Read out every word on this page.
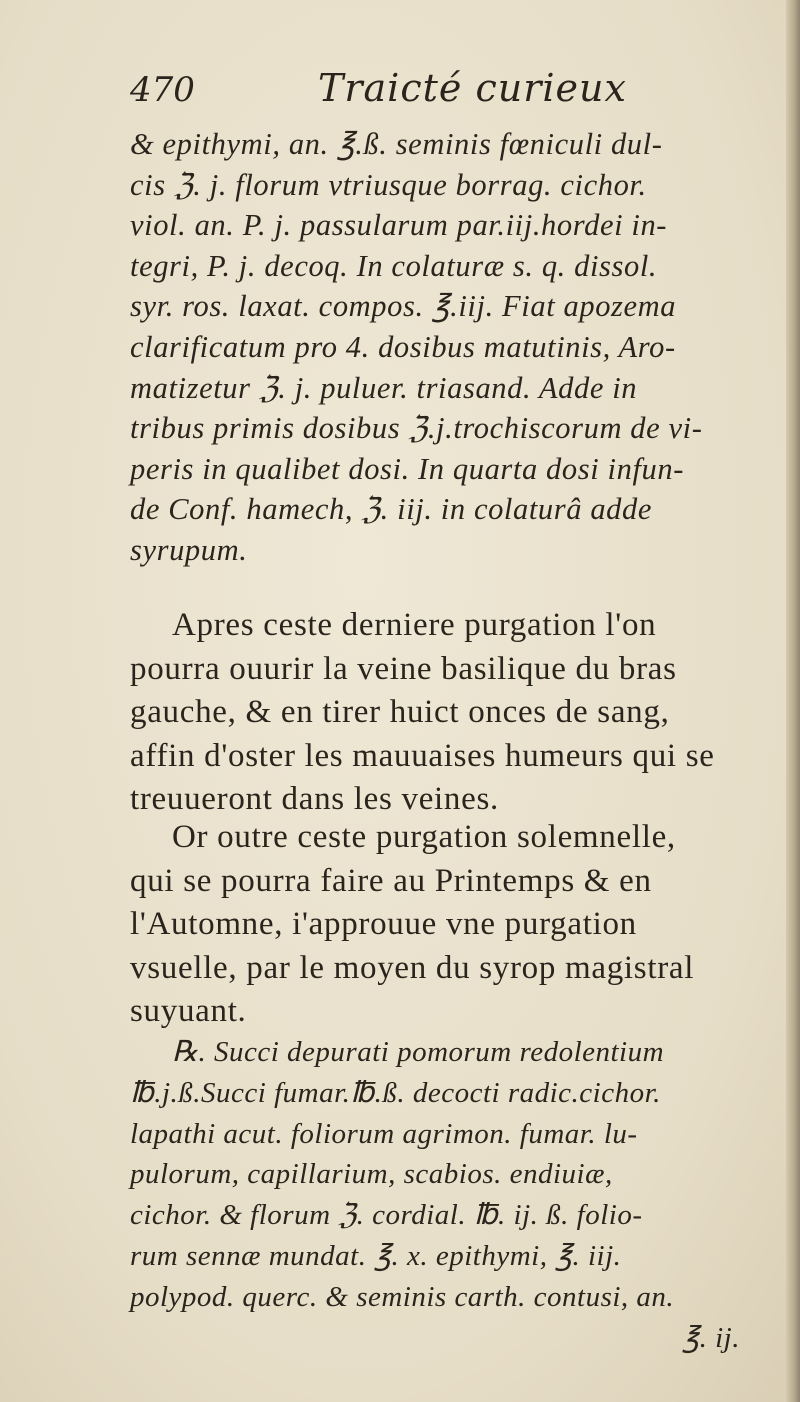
470	Traicté curieux
& epithymi, an. ℥.ß. seminis fœniculi dul-
cis ℨ. j. florum vtriusque borrag. cichor.
viol. an. P. j. passularum par.iij.hordei in-
tegri, P. j. decoq. In colaturæ s. q. dissol.
syr. ros. laxat. compos. ℥.iij. Fiat apozema
clarificatum pro 4. dosibus matutinis, Aro-
matizetur ℨ. j. puluer. triasand. Adde in
tribus primis dosibus ℨ.j.trochiscorum de vi-
peris in qualibet dosi. In quarta dosi infun-
de Conf. hamech, ℨ. iij. in colaturâ adde
syrupum.
Apres ceste derniere purgation l'on
pourra ouurir la veine basilique du bras
gauche, & en tirer huict onces de sang,
affin d'oster les mauuaises humeurs qui se
treuueront dans les veines.
Or outre ceste purgation solemnelle,
qui se pourra faire au Printemps & en
l'Automne, i'approuue vne purgation
vsuelle, par le moyen du syrop magistral
suyuant.
℞. Succi depurati pomorum redolentium
℔.j.ß.Succi fumar.℔.ß. decocti radic.cichor.
lapathi acut. foliorum agrimon. fumar. lu-
pulorum, capillarium, scabios. endiuiæ,
cichor. & florum ℨ. cordial. ℔. ij. ß. folio-
rum sennæ mundat. ℥. x. epithymi, ℥. iij.
polypod. querc. & seminis carth. contusi, an.
℥. ij.
